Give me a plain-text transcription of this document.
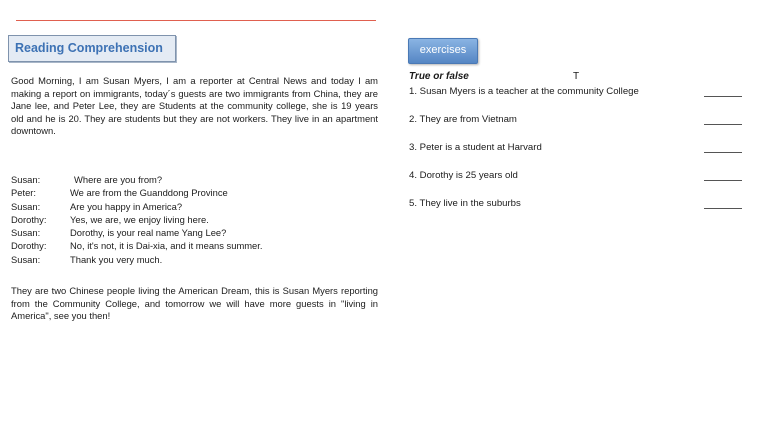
Reading Comprehension

Good Morning, I am Susan Myers, I am a reporter at Central News and today I am making a report on immigrants, today´s guests are two immigrants from China, they are Jane lee, and Peter Lee, they are Students at the community college, she is 19 years old and he is 20. They are students but they are not workers. They live in an apartment downtown.

Susan:	Where are you from?
Peter:	We are from the Guanddong Province
Susan:	Are you happy in America?
Dorothy:	Yes, we are, we enjoy living here.
Susan:	Dorothy, is your real name Yang Lee?
Dorothy:	No, it's not, it is Dai-xia, and it means summer.
Susan:	Thank you very much.

They are two Chinese people living the American Dream, this is Susan Myers reporting from the Community College, and tomorrow we will have more guests in "living in America", see you then!

exercises
True or false	T
1. Susan Myers is a teacher at the community College
2. They are from Vietnam
3. Peter is a student at Harvard
4. Dorothy is 25 years old
5. They live in the suburbs
